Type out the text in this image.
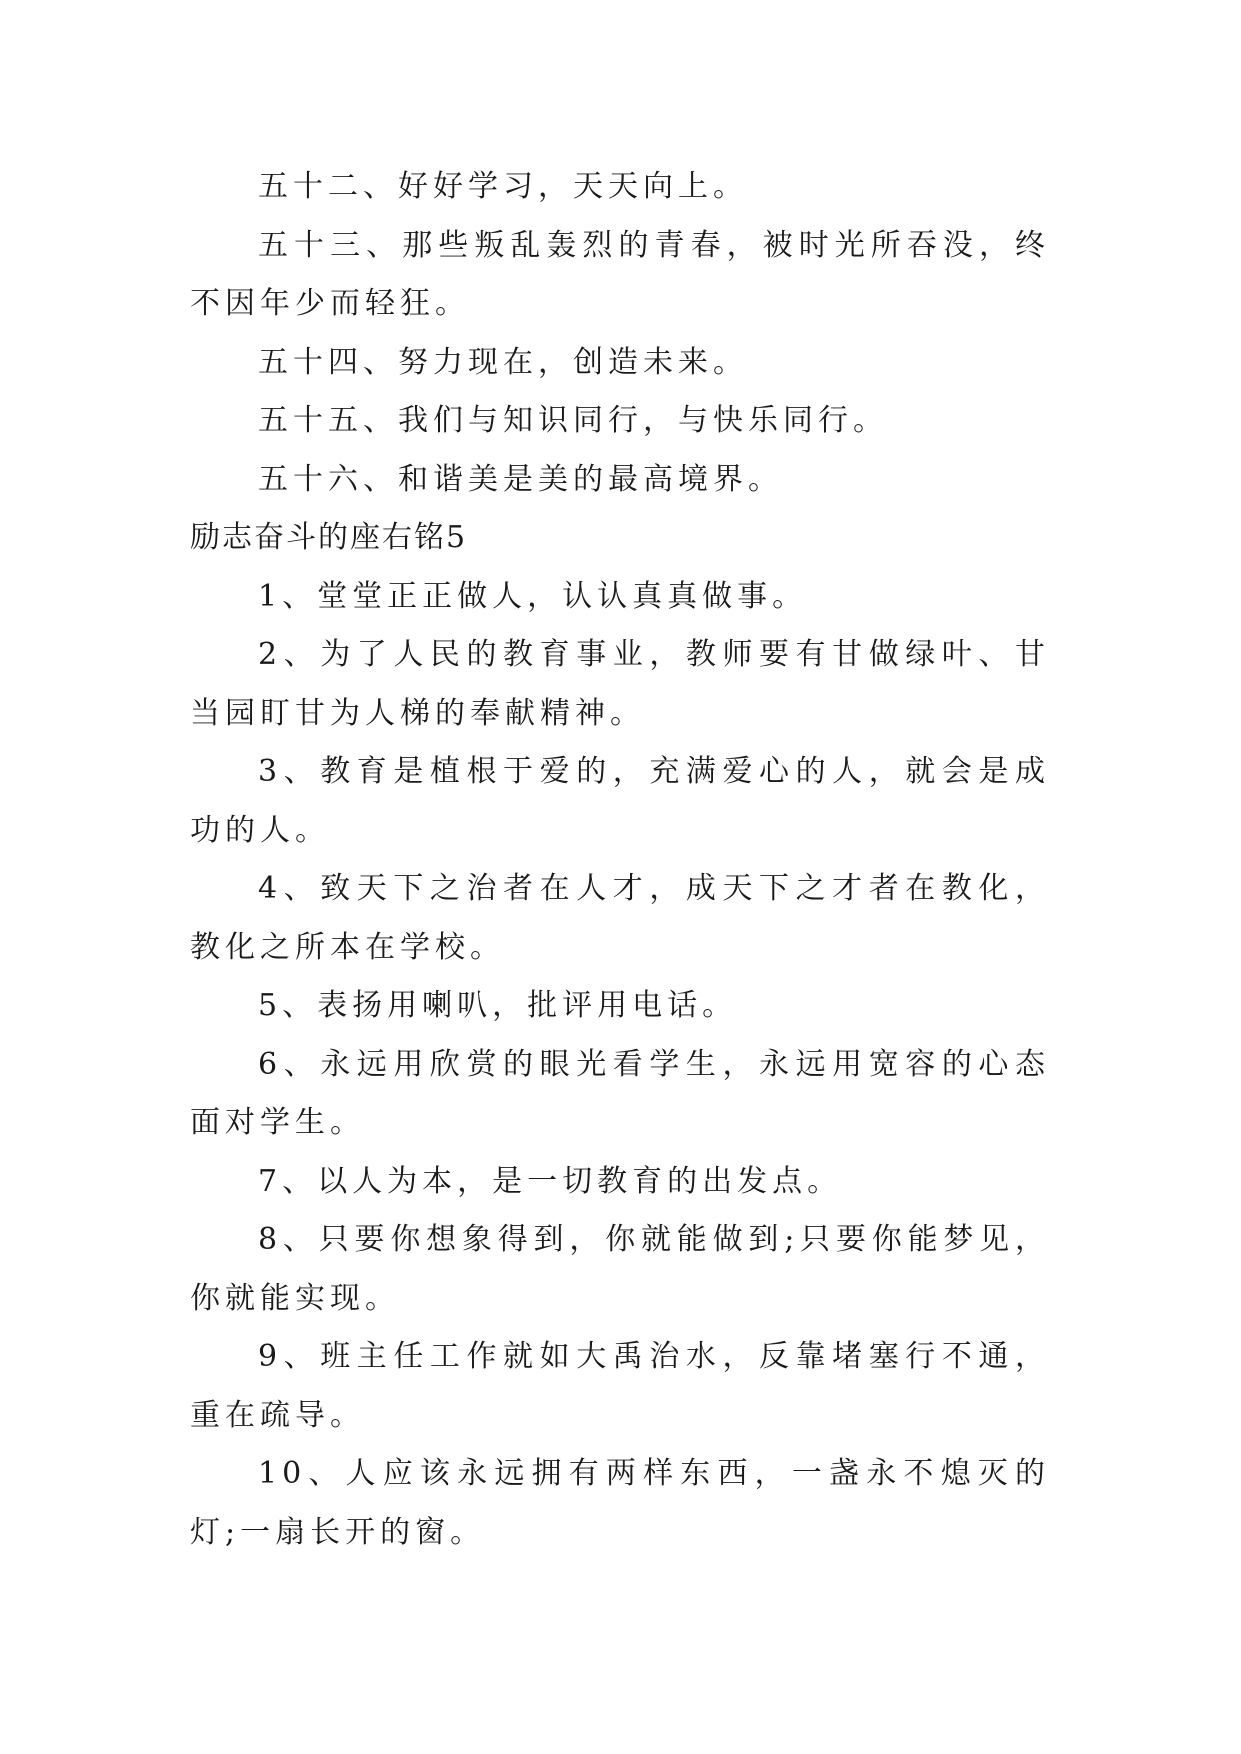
五十二、好好学习，天天向上。

五十三、那些叛乱轰烈的青春，被时光所吞没，终不因年少而轻狂。

五十四、努力现在，创造未来。

五十五、我们与知识同行，与快乐同行。

五十六、和谐美是美的最高境界。

励志奋斗的座右铭5

1、堂堂正正做人，认认真真做事。

2、为了人民的教育事业，教师要有甘做绿叶、甘当园盯甘为人梯的奉献精神。

3、教育是植根于爱的，充满爱心的人，就会是成功的人。

4、致天下之治者在人才，成天下之才者在教化，教化之所本在学校。

5、表扬用喇叭，批评用电话。

6、永远用欣赏的眼光看学生，永远用宽容的心态面对学生。

7、以人为本，是一切教育的出发点。

8、只要你想象得到，你就能做到;只要你能梦见，你就能实现。

9、班主任工作就如大禹治水，反靠堵塞行不通，重在疏导。

10、人应该永远拥有两样东西，一盏永不熄灭的灯;一扇长开的窗。
